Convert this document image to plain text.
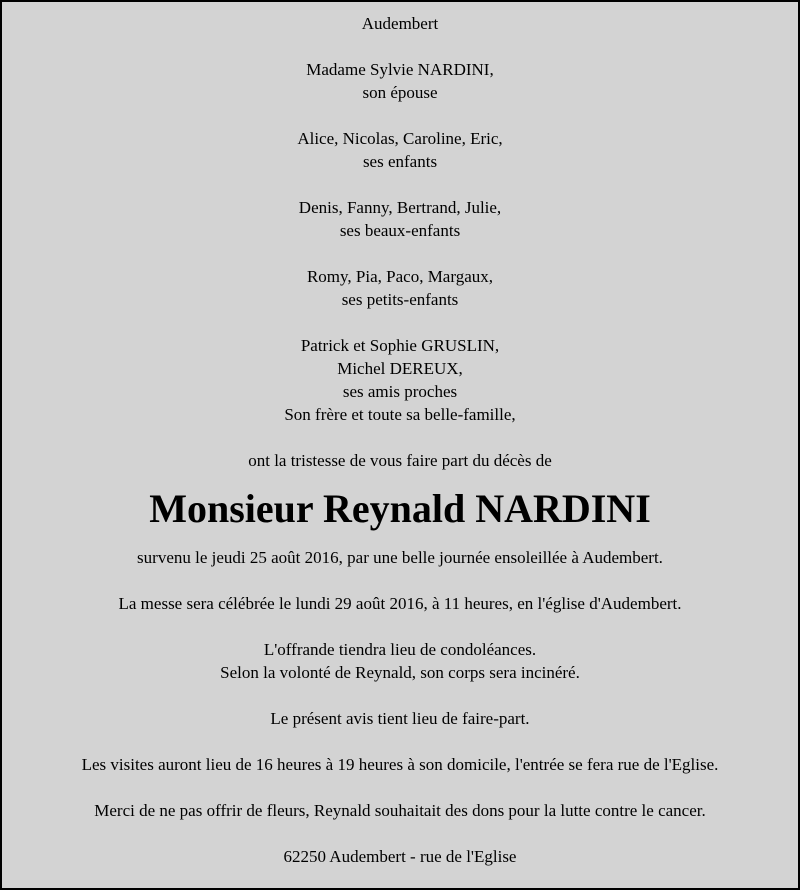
Audembert
Madame Sylvie NARDINI,
son épouse
Alice, Nicolas, Caroline, Eric,
ses enfants
Denis, Fanny, Bertrand, Julie,
ses beaux-enfants
Romy, Pia, Paco, Margaux,
ses petits-enfants
Patrick et Sophie GRUSLIN,
Michel DEREUX,
ses amis proches
Son frère et toute sa belle-famille,
ont la tristesse de vous faire part du décès de
Monsieur Reynald NARDINI
survenu le jeudi 25 août 2016, par une belle journée ensoleillée à Audembert.
La messe sera célébrée le lundi 29 août 2016, à 11 heures, en l'église d'Audembert.
L'offrande tiendra lieu de condoléances.
Selon la volonté de Reynald, son corps sera incinéré.
Le présent avis tient lieu de faire-part.
Les visites auront lieu de 16 heures à 19 heures à son domicile, l'entrée se fera rue de l'Eglise.
Merci de ne pas offrir de fleurs, Reynald souhaitait des dons pour la lutte contre le cancer.
62250 Audembert - rue de l'Eglise
